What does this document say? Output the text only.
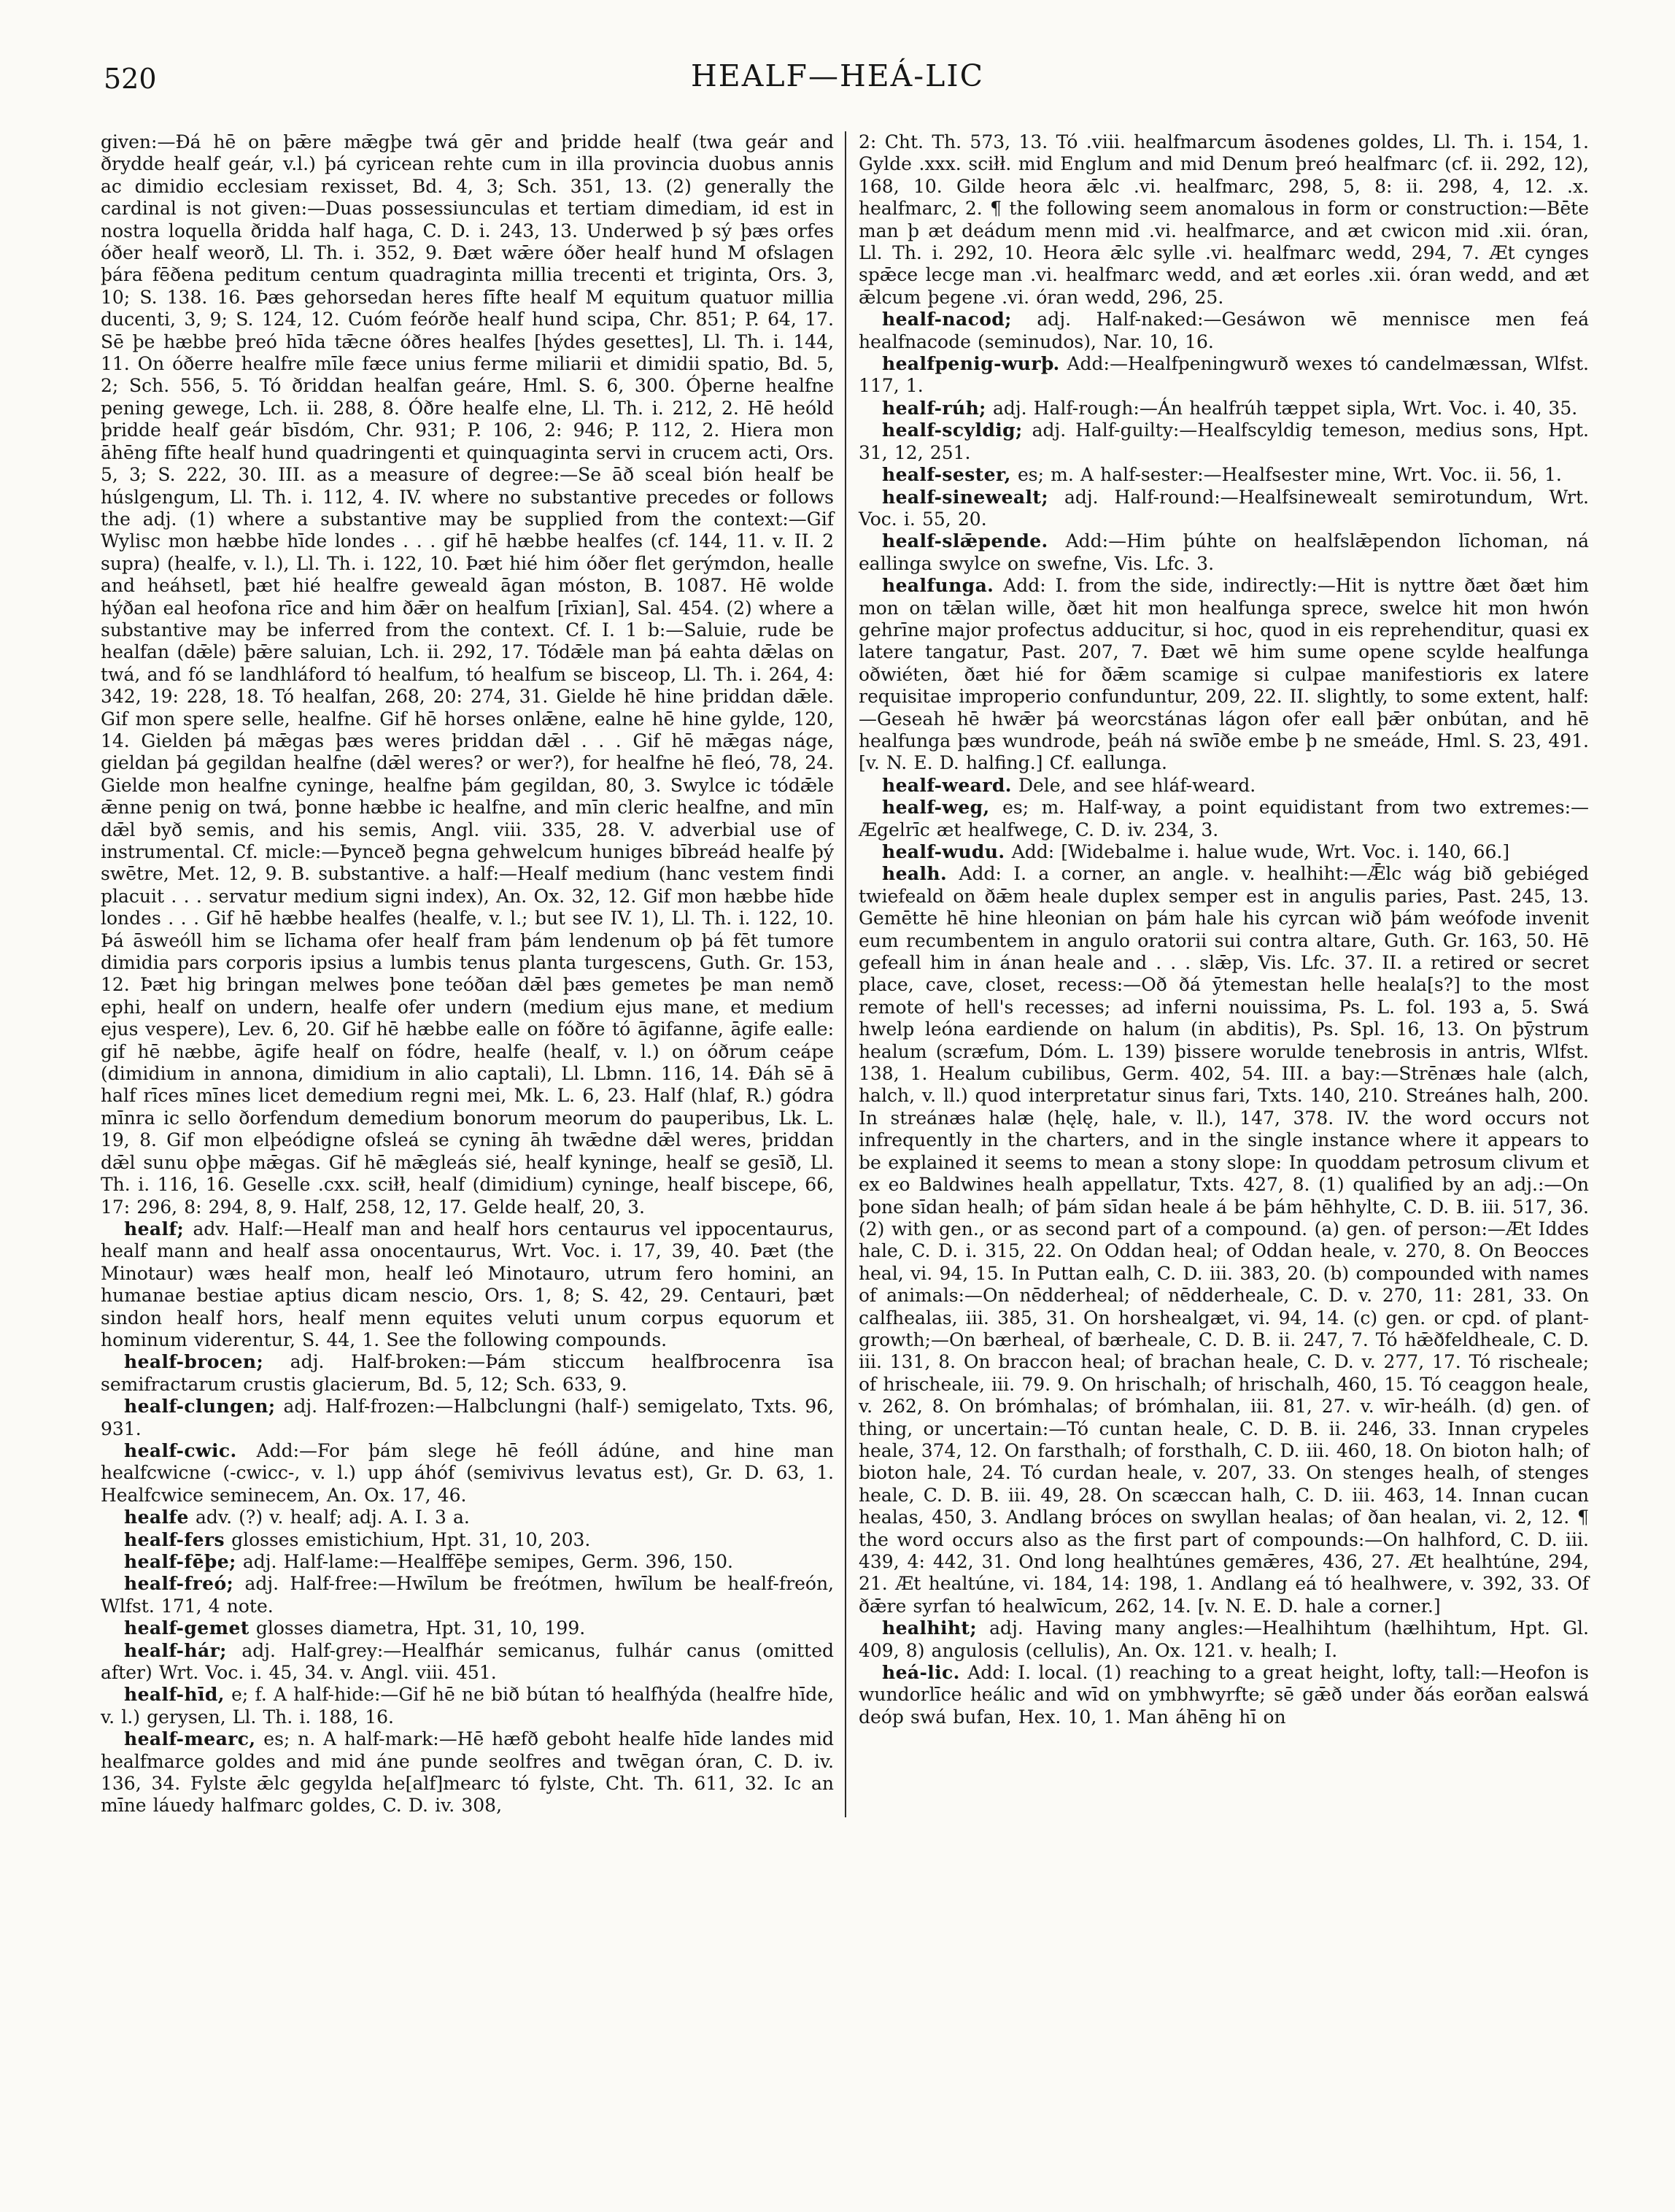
520	HEALF—HEÁ-LIC

given:—Ðá hē on þǣre mǣgþe twá gēr and þridde healf (twa geár and ðrydde healf geár, v.l.) þá cyricean rehte cum in illa provincia duobus annis ac dimidio ecclesiam rexisset, Bd. 4, 3; Sch. 351, 13. (2) generally the cardinal is not given:—Duas possessiunculas et tertiam dimediam, id est in nostra loquella ðridda half haga, C. D. i. 243, 13. Underwed þ sý þæs orfes óðer healf weorð, Ll. Th. i. 352, 9. Ðæt wǣre óðer healf hund M ofslagen þára fēðena peditum centum quadraginta millia trecenti et triginta, Ors. 3, 10; S. 138. 16. Þæs gehorsedan heres fīfte healf M equitum quatuor millia ducenti, 3, 9; S. 124, 12. Cuóm feórðe healf hund scipa, Chr. 851; P. 64, 17. Sē þe hæbbe þreó hīda tǣcne óðres healfes [hýdes gesettes], Ll. Th. i. 144, 11. On óðerre healfre mīle fæce unius ferme miliarii et dimidii spatio, Bd. 5, 2; Sch. 556, 5. Tó ðriddan healfan geáre, Hml. S. 6, 300. Óþerne healfne pening gewege, Lch. ii. 288, 8. Óðre healfe elne, Ll. Th. i. 212, 2. Hē heóld þridde healf geár bīsdóm, Chr. 931; P. 106, 2: 946; P. 112, 2. Hiera mon āhēng fīfte healf hund quadringenti et quinquaginta servi in crucem acti, Ors. 5, 3; S. 222, 30. III. as a measure of degree:—Se āð sceal bión healf be húslgengum, Ll. Th. i. 112, 4. IV. where no substantive precedes or follows the adj. (1) where a substantive may be supplied from the context:—Gif Wylisc mon hæbbe hīde londes . . . gif hē hæbbe healfes (cf. 144, 11. v. II. 2 supra) (healfe, v. l.), Ll. Th. i. 122, 10. Þæt hié him óðer flet gerýmdon, healle and heáhsetl, þæt hié healfre geweald āgan móston, B. 1087. Hē wolde hýðan eal heofona rīce and him ðǣr on healfum [rīxian], Sal. 454. (2) where a substantive may be inferred from the context. Cf. I. 1 b:—Saluie, rude be healfan (dǣle) þǣre saluian, Lch. ii. 292, 17. Tódǣle man þá eahta dǣlas on twá, and fó se landhláford tó healfum, tó healfum se bisceop, Ll. Th. i. 264, 4: 342, 19: 228, 18. Tó healfan, 268, 20: 274, 31. Gielde hē hine þriddan dǣle. Gif mon spere selle, healfne. Gif hē horses onlǣne, ealne hē hine gylde, 120, 14. Gielden þá mǣgas þæs weres þriddan dǣl . . . Gif hē mǣgas náge, gieldan þá gegildan healfne (dǣl weres? or wer?), for healfne hē fleó, 78, 24. Gielde mon healfne cyninge, healfne þám gegildan, 80, 3. Swylce ic tódǣle ǣnne penig on twá, þonne hæbbe ic healfne, and mīn cleric healfne, and mīn dǣl byð semis, and his semis, Angl. viii. 335, 28. V. adverbial use of instrumental. Cf. micle:—Þynceð þegna gehwelcum huniges bībreád healfe þý swētre, Met. 12, 9. B. substantive. a half:—Healf medium (hanc vestem findi placuit . . . servatur medium signi index), An. Ox. 32, 12. Gif mon hæbbe hīde londes . . . Gif hē hæbbe healfes (healfe, v. l.; but see IV. 1), Ll. Th. i. 122, 10. Þá āsweóll him se līchama ofer healf fram þám lendenum oþ þá fēt tumore dimidia pars corporis ipsius a lumbis tenus planta turgescens, Guth. Gr. 153, 12. Þæt hig bringan melwes þone teóðan dǣl þæs gemetes þe man nemð ephi, healf on undern, healfe ofer undern (medium ejus mane, et medium ejus vespere), Lev. 6, 20. Gif hē hæbbe ealle on fóðre tó āgifanne, āgife ealle: gif hē næbbe, āgife healf on fódre, healfe (healf, v. l.) on óðrum ceápe (dimidium in annona, dimidium in alio captali), Ll. Lbmn. 116, 14. Ðáh sē ā half rīces mīnes licet demedium regni mei, Mk. L. 6, 23. Half (hlaf, R.) gódra mīnra ic sello ðorfendum demedium bonorum meorum do pauperibus, Lk. L. 19, 8. Gif mon elþeódigne ofsleá se cyning āh twǣdne dǣl weres, þriddan dǣl sunu oþþe mǣgas. Gif hē mǣgleás sié, healf kyninge, healf se gesīð, Ll. Th. i. 116, 16. Geselle .cxx. sciłł, healf (dimidium) cyninge, healf biscepe, 66, 17: 296, 8: 294, 8, 9. Half, 258, 12, 17. Gelde healf, 20, 3.

healf; adv. Half:—Healf man and healf hors centaurus vel ippocentaurus, healf mann and healf assa onocentaurus, Wrt. Voc. i. 17, 39, 40. Þæt (the Minotaur) wæs healf mon, healf leó Minotauro, utrum fero homini, an humanae bestiae aptius dicam nescio, Ors. 1, 8; S. 42, 29. Centauri, þæt sindon healf hors, healf menn equites veluti unum corpus equorum et hominum viderentur, S. 44, 1. See the following compounds.

healf-brocen; adj. Half-broken:—Þám sticcum healfbrocenra īsa semifractarum crustis glacierum, Bd. 5, 12; Sch. 633, 9.

healf-clungen; adj. Half-frozen:—Halbclungni (half-) semigelato, Txts. 96, 931.

healf-cwic. Add:—For þám slege hē feóll ádúne, and hine man healfcwicne (-cwicc-, v. l.) upp áhóf (semivivus levatus est), Gr. D. 63, 1. Healfcwice seminecem, An. Ox. 17, 46.

healfe adv. (?) v. healf; adj. A. I. 3 a.

healf-fers glosses emistichium, Hpt. 31, 10, 203.

healf-fēþe; adj. Half-lame:—Healffēþe semipes, Germ. 396, 150.

healf-freó; adj. Half-free:—Hwīlum be freótmen, hwīlum be healf-freón, Wlfst. 171, 4 note.

healf-gemet glosses diametra, Hpt. 31, 10, 199.

healf-hár; adj. Half-grey:—Healfhár semicanus, fulhár canus (omitted after) Wrt. Voc. i. 45, 34. v. Angl. viii. 451.

healf-hīd, e; f. A half-hide:—Gif hē ne bið bútan tó healfhýda (healfre hīde, v. l.) gerysen, Ll. Th. i. 188, 16.

healf-mearc, es; n. A half-mark:—Hē hæfð geboht healfe hīde landes mid healfmarce goldes and mid áne punde seolfres and twēgan óran, C. D. iv. 136, 34. Fylste ǣlc gegylda he[alf]mearc tó fylste, Cht. Th. 611, 32. Ic an mīne láuedy halfmarc goldes, C. D. iv. 308,

2: Cht. Th. 573, 13. Tó .viii. healfmarcum āsodenes goldes, Ll. Th. i. 154, 1. Gylde .xxx. sciłł. mid Englum and mid Denum þreó healfmarc (cf. ii. 292, 12), 168, 10. Gilde heora ǣlc .vi. healfmarc, 298, 5, 8: ii. 298, 4, 12. .x. healfmarc, 2. ¶ the following seem anomalous in form or construction:—Bēte man þ æt deádum menn mid .vi. healfmarce, and æt cwicon mid .xii. óran, Ll. Th. i. 292, 10. Heora ǣlc sylle .vi. healfmarc wedd, 294, 7. Æt cynges spǣce lecge man .vi. healfmarc wedd, and æt eorles .xii. óran wedd, and æt ǣlcum þegene .vi. óran wedd, 296, 25.

healf-nacod; adj. Half-naked:—Gesáwon wē mennisce men feá healfnacode (seminudos), Nar. 10, 16.

healfpenig-wurþ. Add:—Healfpeningwurð wexes tó candelmæssan, Wlfst. 117, 1.

healf-rúh; adj. Half-rough:—Án healfrúh tæppet sipla, Wrt. Voc. i. 40, 35.

healf-scyldig; adj. Half-guilty:—Healfscyldig temeson, medius sons, Hpt. 31, 12, 251.

healf-sester, es; m. A half-sester:—Healfsester mine, Wrt. Voc. ii. 56, 1.

healf-sinewealt; adj. Half-round:—Healfsinewealt semirotundum, Wrt. Voc. i. 55, 20.

healf-slǣpende. Add:—Him þúhte on healfslǣpendon līchoman, ná eallinga swylce on swefne, Vis. Lfc. 3.

healfunga. Add: I. from the side, indirectly:—Hit is nyttre ðæt ðæt him mon on tǣlan wille, ðæt hit mon healfunga sprece, swelce hit mon hwón gehrīne major profectus adducitur, si hoc, quod in eis reprehenditur, quasi ex latere tangatur, Past. 207, 7. Ðæt wē him sume opene scylde healfunga oðwiéten, ðæt hié for ðǣm scamige si culpae manifestioris ex latere requisitae improperio confunduntur, 209, 22. II. slightly, to some extent, half:—Geseah hē hwǣr þá weorcstánas lágon ofer eall þǣr onbútan, and hē healfunga þæs wundrode, þeáh ná swīðe embe þ ne smeáde, Hml. S. 23, 491. [v. N. E. D. halfing.] Cf. eallunga.

healf-weard. Dele, and see hláf-weard.

healf-weg, es; m. Half-way, a point equidistant from two extremes:—Ægelrīc æt healfwege, C. D. iv. 234, 3.

healf-wudu. Add: [Widebalme i. halue wude, Wrt. Voc. i. 140, 66.]

healh. Add: I. a corner, an angle. v. healhiht:—Ǣlc wág bið gebiéged twiefeald on ðǣm heale duplex semper est in angulis paries, Past. 245, 13. Gemētte hē hine hleonian on þám hale his cyrcan wið þám weófode invenit eum recumbentem in angulo oratorii sui contra altare, Guth. Gr. 163, 50. Hē gefeall him in ánan heale and . . . slǣp, Vis. Lfc. 37. II. a retired or secret place, cave, closet, recess:—Oð ðá ȳtemestan helle heala[s?] to the most remote of hell's recesses; ad inferni nouissima, Ps. L. fol. 193 a, 5. Swá hwelp leóna eardiende on halum (in abditis), Ps. Spl. 16, 13. On þȳstrum healum (scræfum, Dóm. L. 139) þissere worulde tenebrosis in antris, Wlfst. 138, 1. Healum cubilibus, Germ. 402, 54. III. a bay:—Strēnæs hale (alch, halch, v. ll.) quod interpretatur sinus fari, Txts. 140, 210. Streánes halh, 200. In streánæs halæ (hęlę, hale, v. ll.), 147, 378. IV. the word occurs not infrequently in the charters, and in the single instance where it appears to be explained it seems to mean a stony slope: In quoddam petrosum clivum et ex eo Baldwines healh appellatur, Txts. 427, 8. (1) qualified by an adj.:—On þone sīdan healh; of þám sīdan heale á be þám hēhhylte, C. D. B. iii. 517, 36. (2) with gen., or as second part of a compound. (a) gen. of person:—Æt Iddes hale, C. D. i. 315, 22. On Oddan heal; of Oddan heale, v. 270, 8. On Beocces heal, vi. 94, 15. In Puttan ealh, C. D. iii. 383, 20. (b) compounded with names of animals:—On nēdderheal; of nēdderheale, C. D. v. 270, 11: 281, 33. On calfhealas, iii. 385, 31. On horshealgæt, vi. 94, 14. (c) gen. or cpd. of plant-growth;—On bærheal, of bærheale, C. D. B. ii. 247, 7. Tó hǣðfeldheale, C. D. iii. 131, 8. On braccon heal; of brachan heale, C. D. v. 277, 17. Tó rischeale; of hrischeale, iii. 79. 9. On hrischalh; of hrischalh, 460, 15. Tó ceaggon heale, v. 262, 8. On brómhalas; of brómhalan, iii. 81, 27. v. wīr-heálh. (d) gen. of thing, or uncertain:—Tó cuntan heale, C. D. B. ii. 246, 33. Innan crypeles heale, 374, 12. On farsthalh; of forsthalh, C. D. iii. 460, 18. On bioton halh; of bioton hale, 24. Tó curdan heale, v. 207, 33. On stenges healh, of stenges heale, C. D. B. iii. 49, 28. On scæccan halh, C. D. iii. 463, 14. Innan cucan healas, 450, 3. Andlang bróces on swyllan healas; of ðan healan, vi. 2, 12. ¶ the word occurs also as the first part of compounds:—On halhford, C. D. iii. 439, 4: 442, 31. Ond long healhtúnes gemǣres, 436, 27. Æt healhtúne, 294, 21. Æt healtúne, vi. 184, 14: 198, 1. Andlang eá tó healhwere, v. 392, 33. Of ðǣre syrfan tó healwīcum, 262, 14. [v. N. E. D. hale a corner.]

healhiht; adj. Having many angles:—Healhihtum (hælhihtum, Hpt. Gl. 409, 8) angulosis (cellulis), An. Ox. 121. v. healh; I.

heá-lic. Add: I. local. (1) reaching to a great height, lofty, tall:—Heofon is wundorlīce heálic and wīd on ymbhwyrfte; sē gǣð under ðás eorðan ealswá deóp swá bufan, Hex. 10, 1. Man áhēng hī on
